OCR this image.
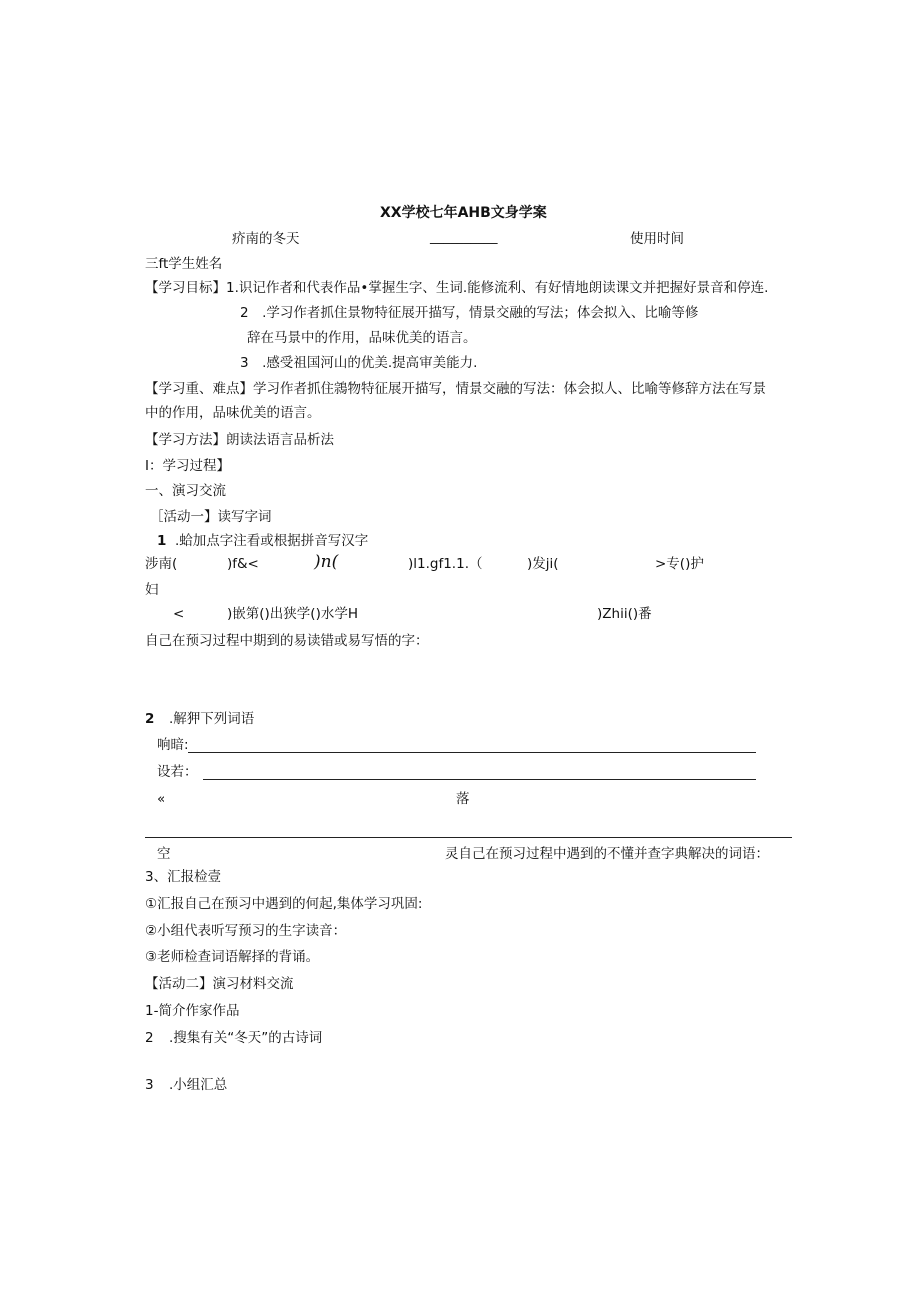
XX学校七年AHB文身学案
疥南的冬天	__________	使用时间
三ft学生姓名
【学习目标】1.识记作者和代表作品•掌握生字、生词.能修流利、有好情地朗读课文并把握好景音和停连.
2　.学习作者抓住景物特征展开描写，情景交融的写法；体会拟入、比喻等修
辞在马景中的作用，品味优美的语言。
3　.感受祖国河山的优美.提高审美能力.
【学习重、难点】学习作者抓住鶎物特征展开描写，情景交融的写法：体会拟人、比喻等修辞方法在写景
中的作用，品味优美的语言。
【学习方法】朗读法语言品析法
I：学习过程】
一、演习交流
［活动一】读写字词
1 .蛤加点字注看或根据拼音写汉字
涉南(	)f&<	)n(	)l1.gf1.1.（	)发ji(	>专()护
妇
<	)嵌第()出狭学()水学H	)Zhii()番
自己在预习过程中期到的易读错或易写悟的字：
2 .解狎下列词语
响暗:
设若：
«	落
空	灵自己在预习过程中遇到的不懂并查字典解决的词语：
3、汇报检壹
①汇报自己在预习中遇到的何起,集体学习巩固:
②小组代表听写预习的生字读音：
③老师检查词语解择的背诵。
【活动二】演习材料交流
1-简介作家作品
2 .搜集有关“冬天”的古诗词
3 .小组汇总
